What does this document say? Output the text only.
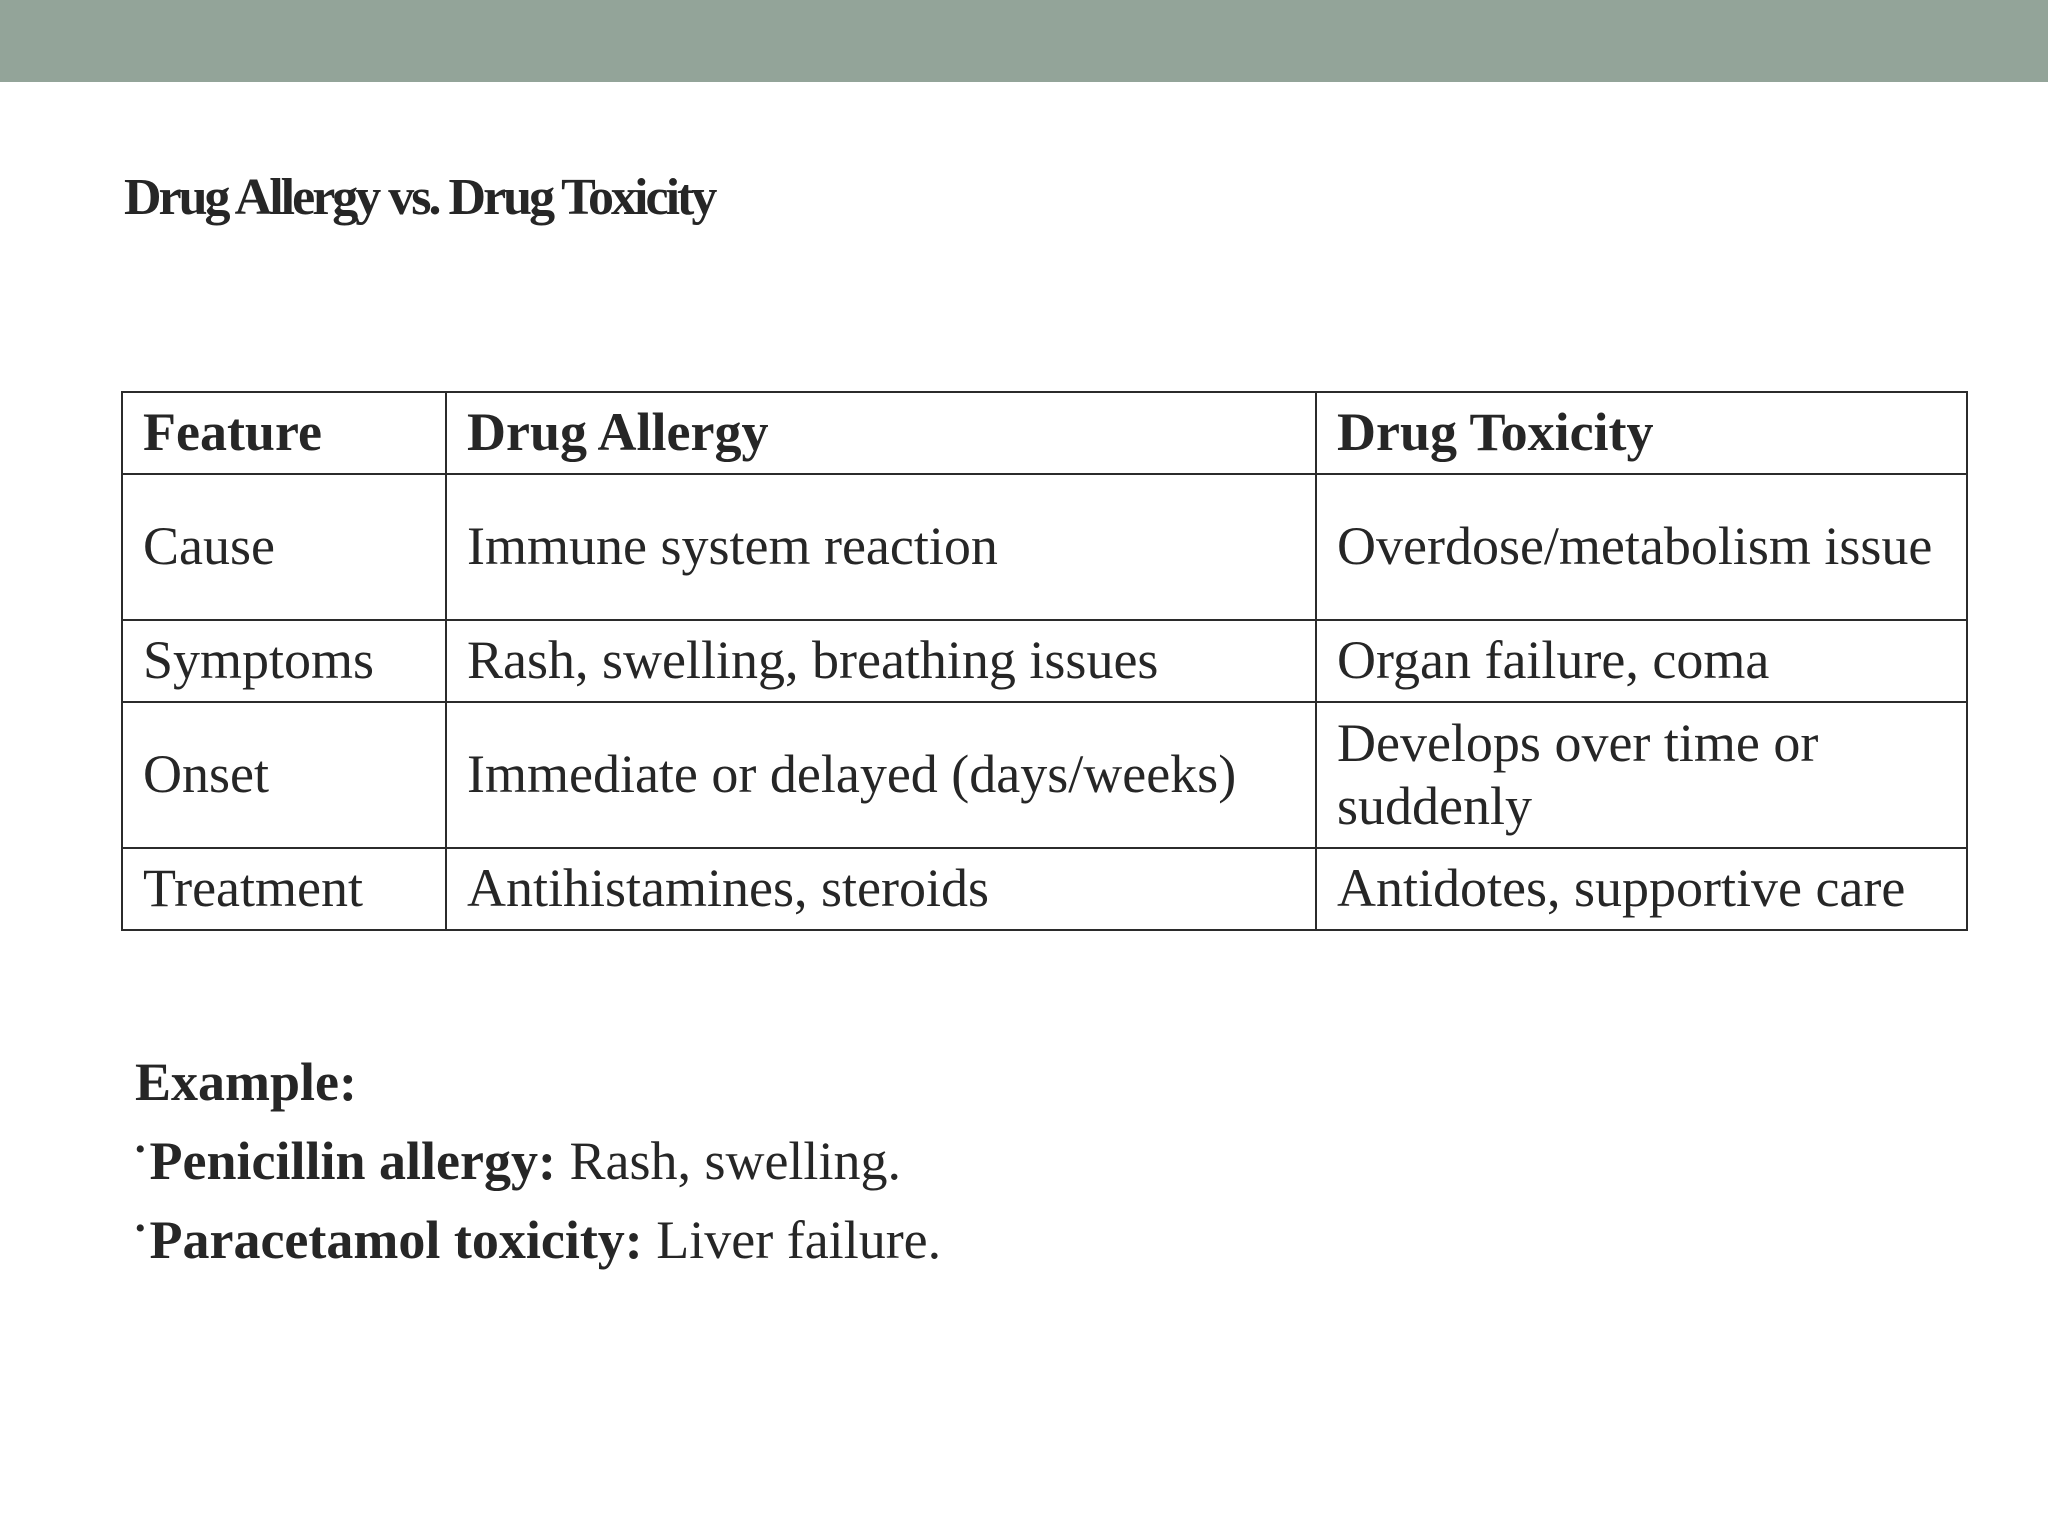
Drug Allergy vs. Drug Toxicity
Feature	Drug Allergy	Drug Toxicity
Cause	Immune system reaction	Overdose/metabolism issue
Symptoms	Rash, swelling, breathing issues	Organ failure, coma
Onset	Immediate or delayed (days/weeks)	Develops over time or suddenly
Treatment	Antihistamines, steroids	Antidotes, supportive care
Example:
•Penicillin allergy: Rash, swelling.
•Paracetamol toxicity: Liver failure.
